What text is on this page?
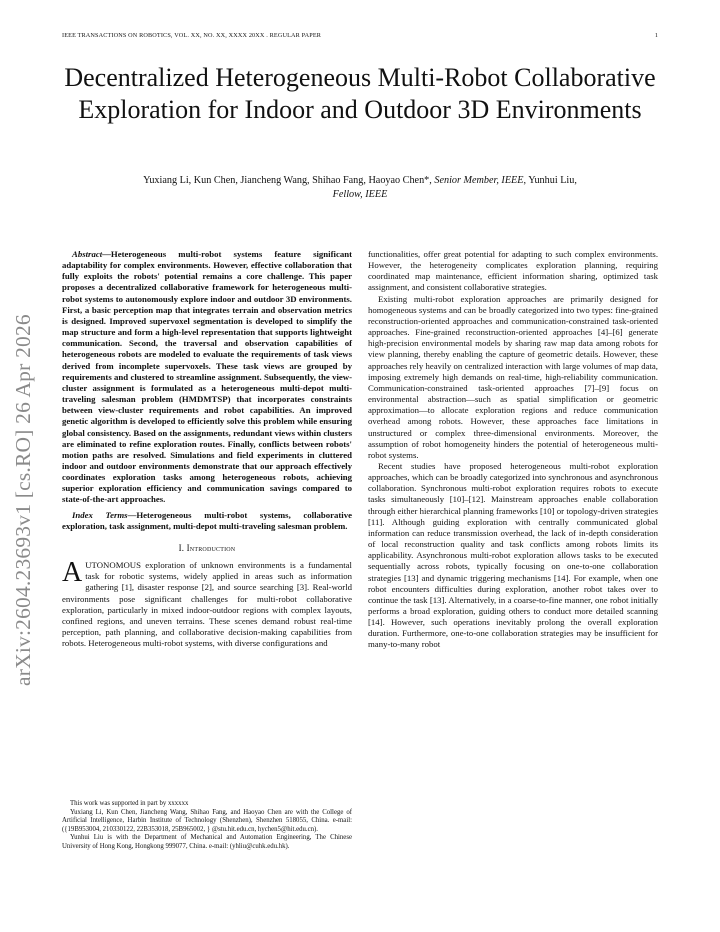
IEEE TRANSACTIONS ON ROBOTICS, VOL. XX, NO. XX, XXXX 20XX . REGULAR PAPER	1
Decentralized Heterogeneous Multi-Robot Collaborative Exploration for Indoor and Outdoor 3D Environments
Yuxiang Li, Kun Chen, Jiancheng Wang, Shihao Fang, Haoyao Chen*, Senior Member, IEEE, Yunhui Liu,
Fellow, IEEE
arXiv:2604.23693v1 [cs.RO] 26 Apr 2026

Abstract—Heterogeneous multi-robot systems feature significant adaptability for complex environments. However, effective collaboration that fully exploits the robots' potential remains a core challenge. This paper proposes a decentralized collaborative framework for heterogeneous multi-robot systems to autonomously explore indoor and outdoor 3D environments. First, a basic perception map that integrates terrain and observation metrics is designed. Improved supervoxel segmentation is developed to simplify the map structure and form a high-level representation that supports lightweight communication. Second, the traversal and observation capabilities of heterogeneous robots are modeled to evaluate the requirements of task views derived from incomplete supervoxels. These task views are grouped by requirements and clustered to streamline assignment. Subsequently, the view-cluster assignment is formulated as a heterogeneous multi-depot multi-traveling salesman problem (HMDMTSP) that incorporates constraints between view-cluster requirements and robot capabilities. An improved genetic algorithm is developed to efficiently solve this problem while ensuring global consistency. Based on the assignments, redundant views within clusters are eliminated to refine exploration routes. Finally, conflicts between robots' motion paths are resolved. Simulations and field experiments in cluttered indoor and outdoor environments demonstrate that our approach effectively coordinates exploration tasks among heterogeneous robots, achieving superior exploration efficiency and communication savings compared to state-of-the-art approaches.

Index Terms—Heterogeneous multi-robot systems, collaborative exploration, task assignment, multi-depot multi-traveling salesman problem.

I. Introduction

AUTONOMOUS exploration of unknown environments is a fundamental task for robotic systems, widely applied in areas such as information gathering [1], disaster response [2], and source searching [3]. Real-world environments pose significant challenges for multi-robot collaborative exploration, particularly in mixed indoor-outdoor regions with complex layouts, confined regions, and uneven terrains. These scenes demand robust real-time perception, path planning, and collaborative decision-making capabilities from robots. Heterogeneous multi-robot systems, with diverse configurations and

This work was supported in part by xxxxxx

Yuxiang Li, Kun Chen, Jiancheng Wang, Shihao Fang, and Haoyao Chen are with the College of Artificial Intelligence, Harbin Institute of Technology (Shenzhen), Shenzhen 518055, China. e-mail: ({19B953004, 210330122, 22B353018, 25B965002, } @stu.hit.edu.cn, hychen5@hit.edu.cn).

Yunhui Liu is with the Department of Mechanical and Automation Engineering, The Chinese University of Hong Kong, Hongkong 999077, China. e-mail: (yhliu@cuhk.edu.hk).

functionalities, offer great potential for adapting to such complex environments. However, the heterogeneity complicates exploration planning, requiring coordinated map maintenance, efficient information sharing, optimized task assignment, and consistent collaborative strategies.

Existing multi-robot exploration approaches are primarily designed for homogeneous systems and can be broadly categorized into two types: fine-grained reconstruction-oriented approaches and communication-constrained task-oriented approaches. Fine-grained reconstruction-oriented approaches [4]–[6] generate high-precision environmental models by sharing raw map data among robots for view planning, thereby enabling the capture of geometric details. However, these approaches rely heavily on centralized interaction with large volumes of map data, imposing extremely high demands on real-time, high-reliability communication. Communication-constrained task-oriented approaches [7]–[9] focus on environmental abstraction—such as spatial simplification or geometric approximation—to allocate exploration regions and reduce communication overhead among robots. However, these approaches face limitations in unstructured or complex three-dimensional environments. Moreover, the assumption of robot homogeneity hinders the potential of heterogeneous multi-robot systems.

Recent studies have proposed heterogeneous multi-robot exploration approaches, which can be broadly categorized into synchronous and asynchronous collaboration. Synchronous multi-robot exploration requires robots to execute tasks simultaneously [10]–[12]. Mainstream approaches enable collaboration through either hierarchical planning frameworks [10] or topology-driven strategies [11]. Although guiding exploration with centrally communicated global information can reduce transmission overhead, the lack of in-depth consideration of local reconstruction quality and task conflicts among robots limits its applicability. Asynchronous multi-robot exploration allows tasks to be executed sequentially across robots, typically focusing on one-to-one collaboration strategies [13] and dynamic triggering mechanisms [14]. For example, when one robot encounters difficulties during exploration, another robot takes over to continue the task [13]. Alternatively, in a coarse-to-fine manner, one robot initially performs a broad exploration, guiding others to conduct more detailed scanning [14]. However, such operations inevitably prolong the overall exploration duration. Furthermore, one-to-one collaboration strategies may be insufficient for many-to-many robot
